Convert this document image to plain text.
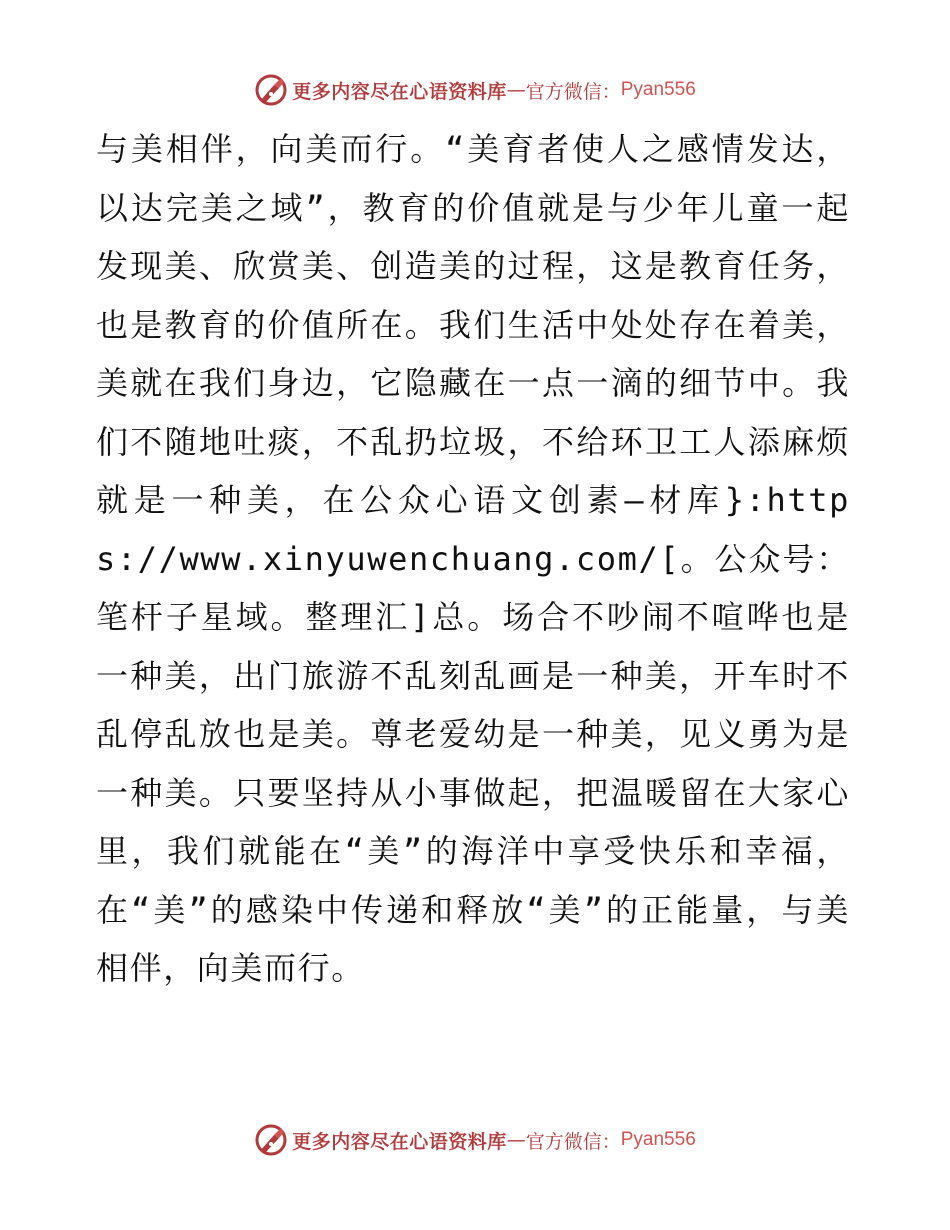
更多内容尽在心语资料库 — 官方微信： Pyan556

与美相伴，向美而行。“美育者使人之感情发达，以达完美之域”，教育的价值就是与少年儿童一起发现美、欣赏美、创造美的过程，这是教育任务，也是教育的价值所在。我们生活中处处存在着美，美就在我们身边，它隐藏在一点一滴的细节中。我们不随地吐痰，不乱扔垃圾，不给环卫工人添麻烦就是一种美，在公众心语文创素—材库}:https://www.xinyuwenchuang.com/[。公众号：笔杆子星域。整理汇]总。场合不吵闹不喧哗也是一种美，出门旅游不乱刻乱画是一种美，开车时不乱停乱放也是美。尊老爱幼是一种美，见义勇为是一种美。只要坚持从小事做起，把温暖留在大家心里，我们就能在“美”的海洋中享受快乐和幸福，在“美”的感染中传递和释放“美”的正能量，与美相伴，向美而行。

更多内容尽在心语资料库 — 官方微信： Pyan556
